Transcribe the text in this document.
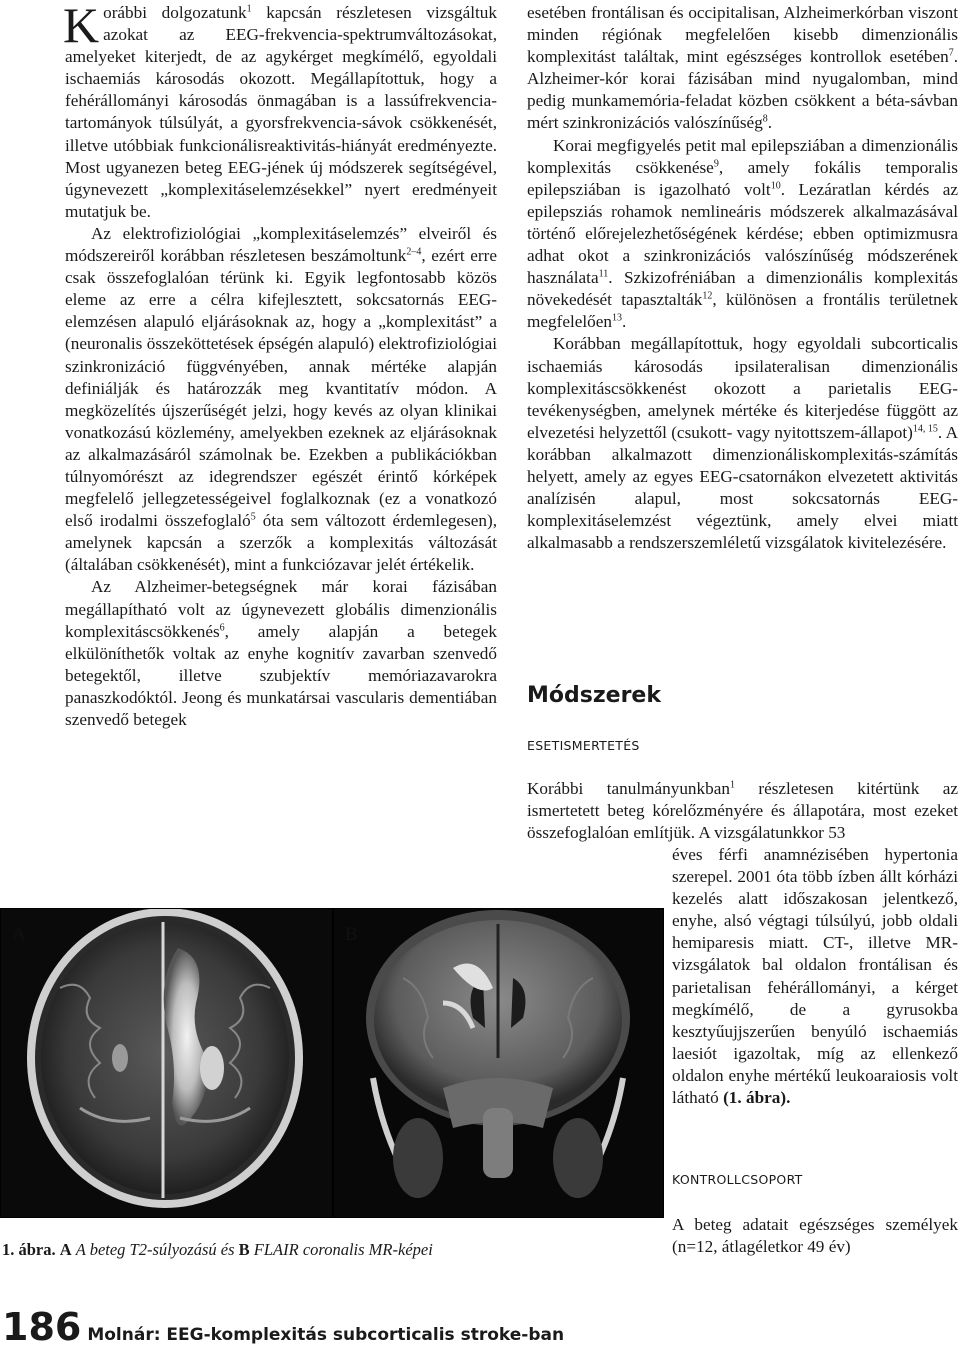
Korábbi dolgozatunk$^1$ kapcsán részletesen vizsgáltuk azokat az EEG-frekvencia-spektrumváltozásokat, amelyeket kiterjedt, de az agykérget megkímélő, egyoldali ischaemiás károsodás okozott. Megállapítottuk, hogy a fehérállományi károsodás önmagában is a lassúfrekvencia-tartományok túlsúlyát, a gyorsfrekvencia-sávok csökkenését, illetve utóbbiak funkcionálisreaktivitás-hiányát eredményezte. Most ugyanezen beteg EEG-jének új módszerek segítségével, úgynevezett „komplexitáselemzésekkel” nyert eredményeit mutatjuk be.

Az elektrofiziológiai „komplexitáselemzés” elveiről és módszereiről korábban részletesen beszámoltunk$^{2-4}$, ezért erre csak összefoglalóan térünk ki. Egyik legfontosabb közös eleme az erre a célra kifejlesztett, sokcsatornás EEG-elemzésen alapuló eljárásoknak az, hogy a „komplexitást” a (neuronalis összeköttetések épségén alapuló) elektrofiziológiai szinkronizáció függvényében, annak mértéke alapján definiálják és határozzák meg kvantitatív módon. A megközelítés újszerűségét jelzi, hogy kevés az olyan klinikai vonatkozású közlemény, amelyekben ezeknek az eljárásoknak az alkalmazásáról számolnak be. Ezekben a publikációkban túlnyomórészt az idegrendszer egészét érintő kórképek megfelelő jellegzetességeivel foglalkoznak (ez a vonatkozó első irodalmi összefoglaló$^5$ óta sem változott érdemlegesen), amelynek kapcsán a szerzők a komplexitás változását (általában csökkenését), mint a funkciózavar jelét értékelik.

Az Alzheimer-betegségnek már korai fázisában megállapítható volt az úgynevezett globális dimenzionális komplexitáscsökkenés$^6$, amely alapján a betegek elkülöníthetők voltak az enyhe kognitív zavarban szenvedő betegektől, illetve szubjektív memóriazavarokra panaszkodóktól. Jeong és munkatársai vascularis dementiában szenvedő betegek

esetében frontálisan és occipitalisan, Alzheimerkórban viszont minden régiónak megfelelően kisebb dimenzionális komplexitást találtak, mint egészséges kontrollok esetében$^7$. Alzheimer-kór korai fázisában mind nyugalomban, mind pedig munkamemória-feladat közben csökkent a béta-sávban mért szinkronizációs valószínűség$^8$.

Korai megfigyelés petit mal epilepsziában a dimenzionális komplexitás csökkenése$^9$, amely fokális temporalis epilepsziában is igazolható volt$^{10}$. Lezáratlan kérdés az epilepsziás rohamok nemlineáris módszerek alkalmazásával történő előrejelezhetőségének kérdése; ebben optimizmusra adhat okot a szinkronizációs valószínűség módszerének használata$^{11}$. Szkizofréniában a dimenzionális komplexitás növekedését tapasztalták$^{12}$, különösen a frontális területnek megfelelően$^{13}$.

Korábban megállapítottuk, hogy egyoldali subcorticalis ischaemiás károsodás ipsilateralisan dimenzionális komplexitáscsökkenést okozott a parietalis EEG-tevékenységben, amelynek mértéke és kiterjedése függött az elvezetési helyzettől (csukott- vagy nyitottszem-állapot)$^{14, 15}$. A korábban alkalmazott dimenzionáliskomplexitás-számítás helyett, amely az egyes EEG-csatornákon elvezetett aktivitás analízisén alapul, most sokcsatornás EEG-komplexitáselemzést végeztünk, amely elvei miatt alkalmasabb a rendszerszemléletű vizsgálatok kivitelezésére.

Módszerek
ESETISMERTETÉS

Korábbi tanulmányunkban$^1$ részletesen kitértünk az ismertetett beteg kórelőzményére és állapotára, most ezeket összefoglalóan említjük. A vizsgálatunkkor 53

éves férfi anamnézisében hypertonia szerepel. 2001 óta több ízben állt kórházi kezelés alatt időszakosan jelentkező, enyhe, alsó végtagi túlsúlyú, jobb oldali hemiparesis miatt. CT-, illetve MR-vizsgálatok bal oldalon frontálisan és parietalisan fehérállományi, a kérget megkímélő, de a gyrusokba kesztyűujjszerűen benyúló ischaemiás laesiót igazoltak, míg az ellenkező oldalon enyhe mértékű leukoaraiosis volt látható (1. ábra).

KONTROLLCSOPORT

A beteg adatait egészséges személyek (n=12, átlagéletkor 49 év)

A	B
1. ábra. A A beteg T2-súlyozású és B FLAIR coronalis MR-képei
186 Molnár: EEG-komplexitás subcorticalis stroke-ban
